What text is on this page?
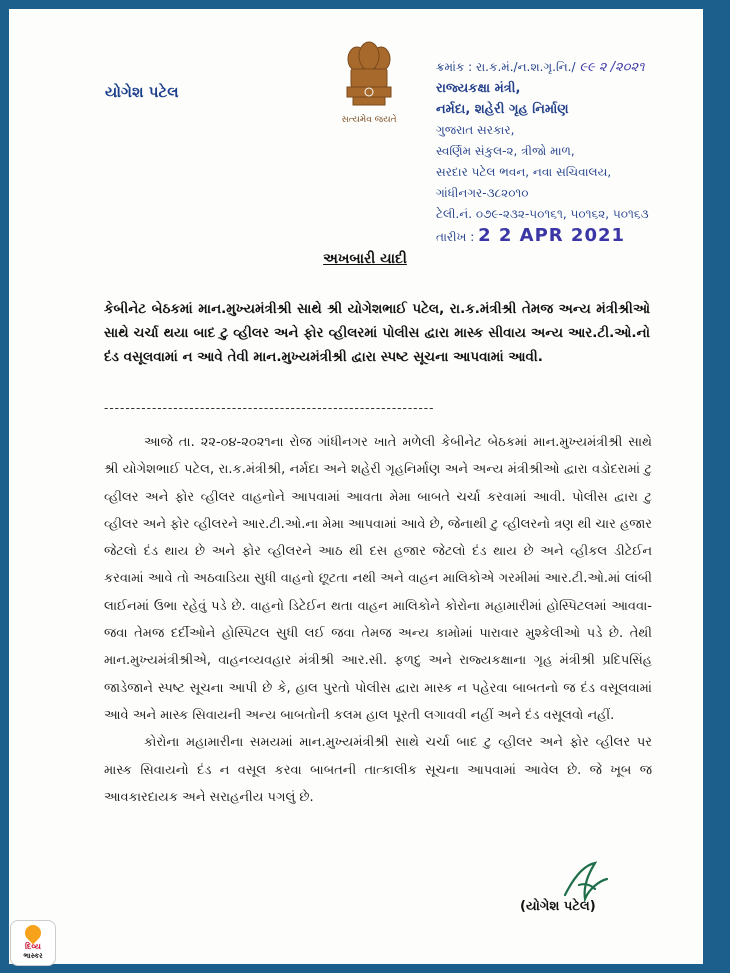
સત્યમેવ જયતે
યોગેશ પટેલ
ક્રમાંક : રા.ક.મં./ન.શ.ગૃ.નિ./ ૯૯ ૨ /૨૦૨૧
રાજ્યકક્ષા મંત્રી,
નર્મદા, શહેરી ગૃહ નિર્માણ
ગુજરાત સરકાર,
સ્વર્ણિમ સંકુલ-૨, ત્રીજો માળ,
સરદાર પટેલ ભવન, નવા સચિવાલય,
ગાંધીનગર-૩૮૨૦૧૦
ટેલી.નં. ૦૭૯-૨૩૨-૫૦૧૬૧, ૫૦૧૬૨, ૫૦૧૬૩
તારીખ : 2 2 APR 2021
અખબારી યાદી
કેબીનેટ બેઠકમાં માન.મુખ્યમંત્રીશ્રી સાથે શ્રી યોગેશભાઈ પટેલ, રા.ક.મંત્રીશ્રી તેમજ અન્ય મંત્રીશ્રીઓ સાથે ચર્ચા થયા બાદ ટુ વ્હીલર અને ફોર વ્હીલરમાં પોલીસ દ્વારા માસ્ક સીવાય અન્ય આર.ટી.ઓ.નો દંડ વસૂલવામાં ન આવે તેવી માન.મુખ્યમંત્રીશ્રી દ્વારા સ્પષ્ટ સૂચના આપવામાં આવી.
--------------------------------------------------------------

આજે તા. ૨૨-૦૪-૨૦૨૧ના રોજ ગાંધીનગર ખાતે મળેલી કેબીનેટ બેઠકમાં માન.મુખ્યમંત્રીશ્રી સાથે શ્રી યોગેશભાઈ પટેલ, રા.ક.મંત્રીશ્રી, નર્મદા અને શહેરી ગૃહનિર્માણ અને અન્ય મંત્રીશ્રીઓ દ્વારા વડોદરામાં ટુ વ્હીલર અને ફોર વ્હીલર વાહનોને આપવામાં આવતા મેમા બાબતે ચર્ચા કરવામાં આવી. પોલીસ દ્વારા ટુ વ્હીલર અને ફોર વ્હીલરને આર.ટી.ઓ.ના મેમા આપવામાં આવે છે, જેનાથી ટુ વ્હીલરનો ત્રણ થી ચાર હજાર જેટલો દંડ થાય છે અને ફોર વ્હીલરને આઠ થી દસ હજાર જેટલો દંડ થાય છે અને વ્હીકલ ડીટેઈન કરવામાં આવે તો અઠવાડિયા સુધી વાહનો છૂટતા નથી અને વાહન માલિકોએ ગરમીમાં આર.ટી.ઓ.માં લાંબી લાઈનમાં ઉભા રહેવું પડે છે. વાહનો ડિટેઈન થતા વાહન માલિકોને કોરોના મહામારીમાં હોસ્પિટલમાં આવવા-જવા તેમજ દર્દીઓને હોસ્પિટલ સુધી લઈ જવા તેમજ અન્ય કામોમાં પારાવાર મુશ્કેલીઓ પડે છે. તેથી માન.મુખ્યમંત્રીશ્રીએ, વાહનવ્યવહાર મંત્રીશ્રી આર.સી. ફળદુ અને રાજ્યકક્ષાના ગૃહ મંત્રીશ્રી પ્રદિપસિંહ જાડેજાને સ્પષ્ટ સૂચના આપી છે કે, હાલ પુરતો પોલીસ દ્વારા માસ્ક ન પહેરવા બાબતનો જ દંડ વસૂલવામાં આવે અને માસ્ક સિવાયની અન્ય બાબતોની કલમ હાલ પૂરતી લગાવવી નહીં અને દંડ વસૂલવો નહીં.

કોરોના મહામારીના સમયમાં માન.મુખ્યમંત્રીશ્રી સાથે ચર્ચા બાદ ટુ વ્હીલર અને ફોર વ્હીલર પર માસ્ક સિવાયનો દંડ ન વસૂલ કરવા બાબતની તાત્કાલીક સૂચના આપવામાં આવેલ છે. જે ખૂબ જ આવકારદાયક અને સરાહનીય પગલું છે.

(યોગેશ પટેલ)
દિવ્ય
ભાસ્કર
